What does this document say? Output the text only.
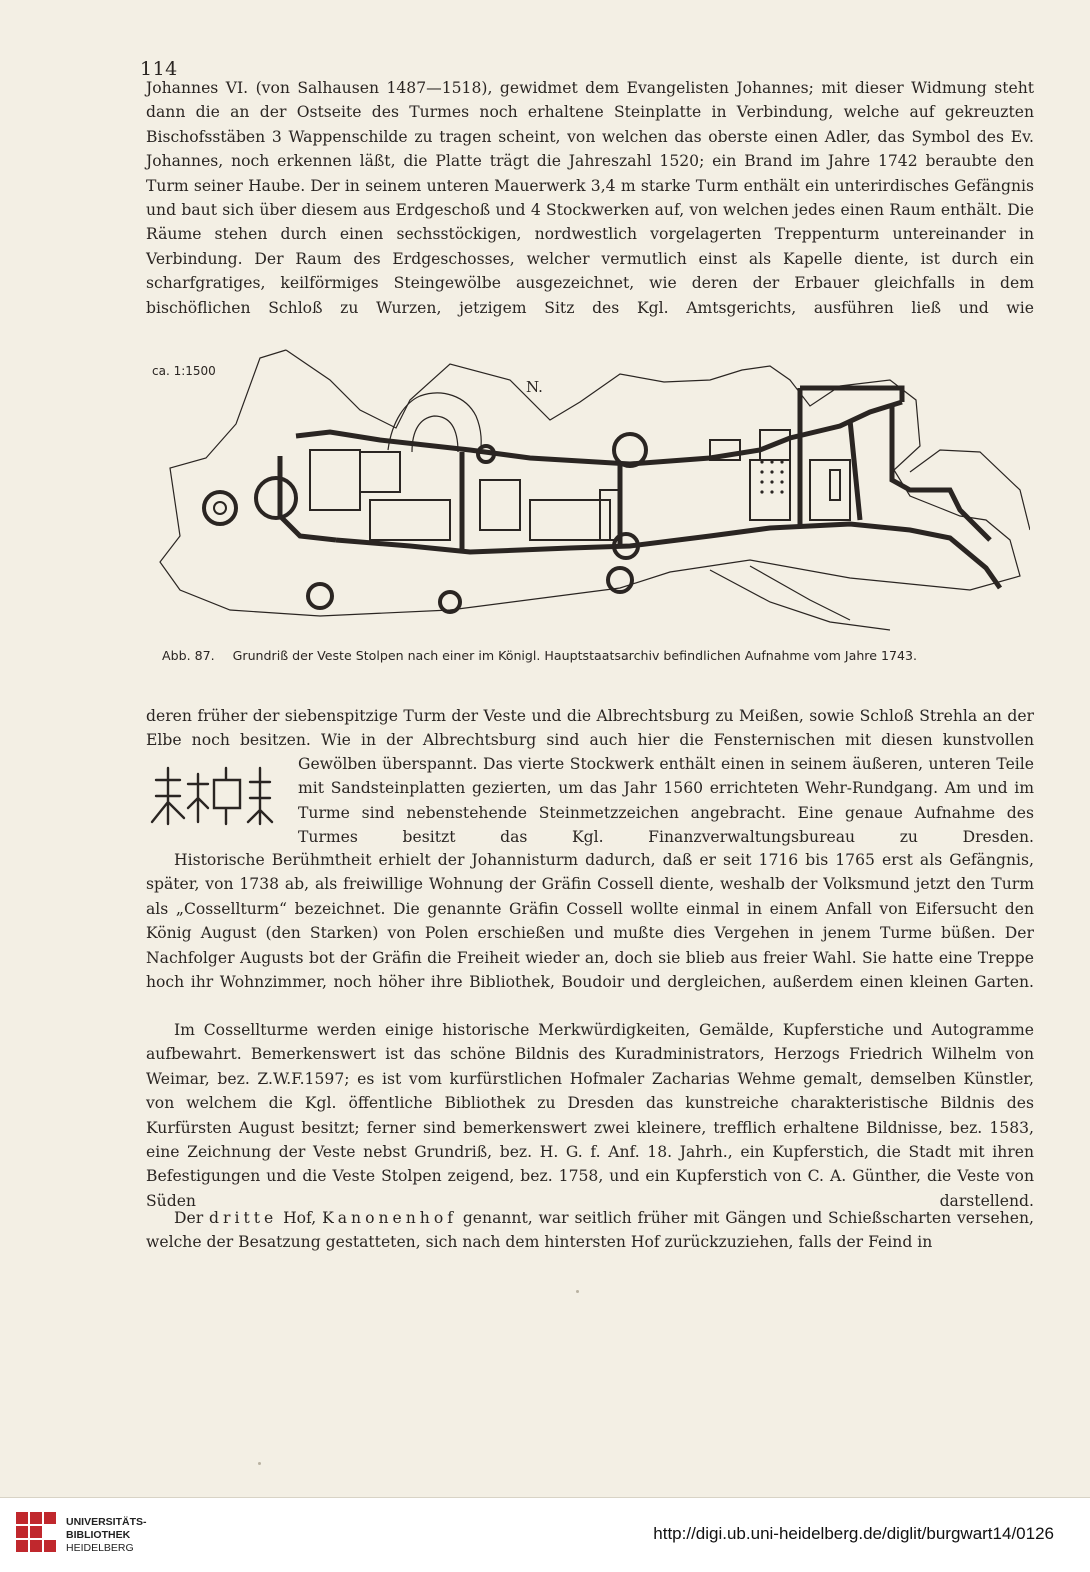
114
Johannes VI. (von Salhausen 1487—1518), gewidmet dem Evangelisten Johannes; mit dieser Widmung steht dann die an der Ostseite des Turmes noch erhaltene Steinplatte in Verbindung, welche auf gekreuzten Bischofsstäben 3 Wappenschilde zu tragen scheint, von welchen das oberste einen Adler, das Symbol des Ev. Johannes, noch erkennen läßt, die Platte trägt die Jahreszahl 1520; ein Brand im Jahre 1742 beraubte den Turm seiner Haube. Der in seinem unteren Mauerwerk 3,4 m starke Turm enthält ein unterirdisches Gefängnis und baut sich über diesem aus Erdgeschoß und 4 Stockwerken auf, von welchen jedes einen Raum enthält. Die Räume stehen durch einen sechsstöckigen, nordwestlich vorgelagerten Treppenturm untereinander in Verbindung. Der Raum des Erdgeschosses, welcher vermutlich einst als Kapelle diente, ist durch ein scharfgratiges, keilförmiges Steingewölbe ausgezeichnet, wie deren der Erbauer gleichfalls in dem bischöflichen Schloß zu Wurzen, jetzigem Sitz des Kgl. Amtsgerichts, ausführen ließ und wie
ca. 1:1500
N.
Abb. 87. Grundriß der Veste Stolpen nach einer im Königl. Hauptstaatsarchiv befindlichen Aufnahme vom Jahre 1743.
deren früher der siebenspitzige Turm der Veste und die Albrechtsburg zu Meißen, sowie Schloß Strehla an der Elbe noch besitzen. Wie in der Albrechtsburg sind auch hier die Fensternischen mit diesen kunstvollen
Gewölben überspannt. Das vierte Stockwerk enthält einen in seinem äußeren, unteren Teile mit Sandsteinplatten gezierten, um das Jahr 1560 errichteten Wehr-Rundgang. Am und im Turme sind nebenstehende Steinmetzzeichen angebracht. Eine genaue Aufnahme des Turmes besitzt das Kgl. Finanzverwaltungsbureau zu Dresden.
Historische Berühmtheit erhielt der Johannisturm dadurch, daß er seit 1716 bis 1765 erst als Gefängnis, später, von 1738 ab, als freiwillige Wohnung der Gräfin Cossell diente, weshalb der Volksmund jetzt den Turm als „Cossellturm“ bezeichnet. Die genannte Gräfin Cossell wollte einmal in einem Anfall von Eifersucht den König August (den Starken) von Polen erschießen und mußte dies Vergehen in jenem Turme büßen. Der Nachfolger Augusts bot der Gräfin die Freiheit wieder an, doch sie blieb aus freier Wahl. Sie hatte eine Treppe hoch ihr Wohnzimmer, noch höher ihre Bibliothek, Boudoir und dergleichen, außerdem einen kleinen Garten.
Im Cossellturme werden einige historische Merkwürdigkeiten, Gemälde, Kupferstiche und Autogramme aufbewahrt. Bemerkenswert ist das schöne Bildnis des Kuradministrators, Herzogs Friedrich Wilhelm von Weimar, bez. Z.W.F.1597; es ist vom kurfürstlichen Hofmaler Zacharias Wehme gemalt, demselben Künstler, von welchem die Kgl. öffentliche Bibliothek zu Dresden das kunstreiche charakteristische Bildnis des Kurfürsten August besitzt; ferner sind bemerkenswert zwei kleinere, trefflich erhaltene Bildnisse, bez. 1583, eine Zeichnung der Veste nebst Grundriß, bez. H. G. f. Anf. 18. Jahrh., ein Kupferstich, die Stadt mit ihren Befestigungen und die Veste Stolpen zeigend, bez. 1758, und ein Kupferstich von C. A. Günther, die Veste von Süden darstellend.
Der dritte Hof, Kanonenhof genannt, war seitlich früher mit Gängen und Schießscharten versehen, welche der Besatzung gestatteten, sich nach dem hintersten Hof zurückzuziehen, falls der Feind in
UNIVERSITÄTS-
BIBLIOTHEK
HEIDELBERG
http://digi.ub.uni-heidelberg.de/diglit/burgwart14/0126
